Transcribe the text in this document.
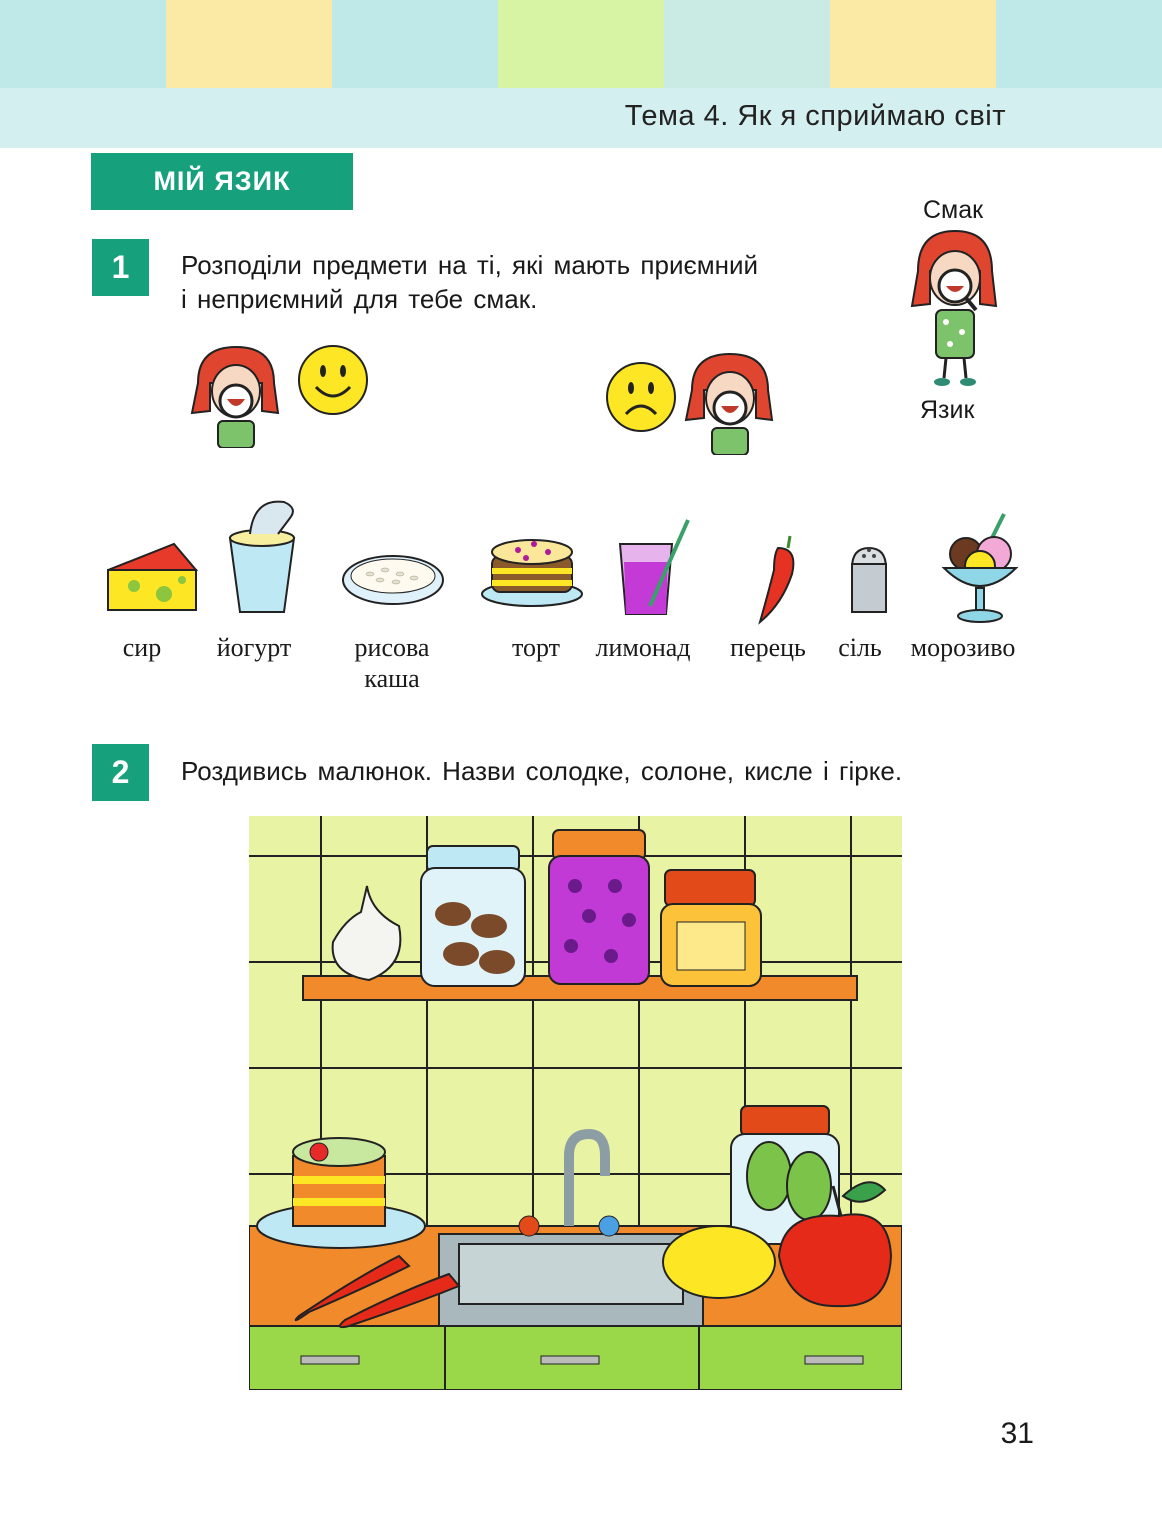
Тема 4. Як я сприймаю світ
МІЙ ЯЗИК
Смак
Язик
1	Розподіли предмети на ті, які мають приємний
і неприємний для тебе смак.
сир	йогурт	рисова
каша
торт	лимонад	перець	сіль	морозиво
2	Роздивись малюнок. Назви солодке, солоне, кисле і гірке.
31
